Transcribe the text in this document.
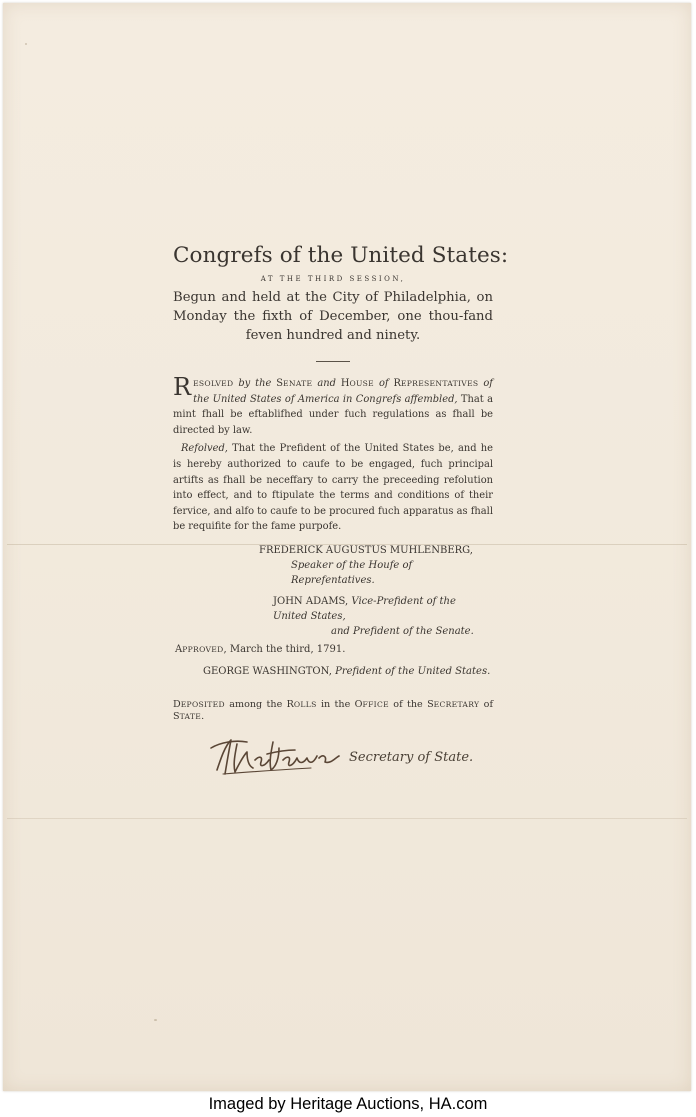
Congrefs of the United States:

AT THE THIRD SESSION,

Begun and held at the City of Philadelphia, on Monday the fixth of December, one thou-fand feven hundred and ninety.

RESOLVED by the SENATE and HOUSE of REPRESENTATIVES of the United States of America in Congrefs affembled, That a mint fhall be eftablifhed under fuch regulations as fhall be directed by law.

Refolved, That the Prefident of the United States be, and he is hereby authorized to caufe to be engaged, fuch principal artifts as fhall be neceffary to carry the preceeding refolution into effect, and to ftipulate the terms and conditions of their fervice, and alfo to caufe to be procured fuch apparatus as fhall be requifite for the fame purpofe.

FREDERICK AUGUSTUS MUHLENBERG,

Speaker of the Houfe of Reprefentatives.

JOHN ADAMS, Vice-Prefident of the United States,

and Prefident of the Senate.

APPROVED, March the third, 1791.

GEORGE WASHINGTON, Prefident of the United States.

DEPOSITED among the ROLLS in the OFFICE of the SECRETARY of STATE.

Secretary of State.
Imaged by Heritage Auctions, HA.com
